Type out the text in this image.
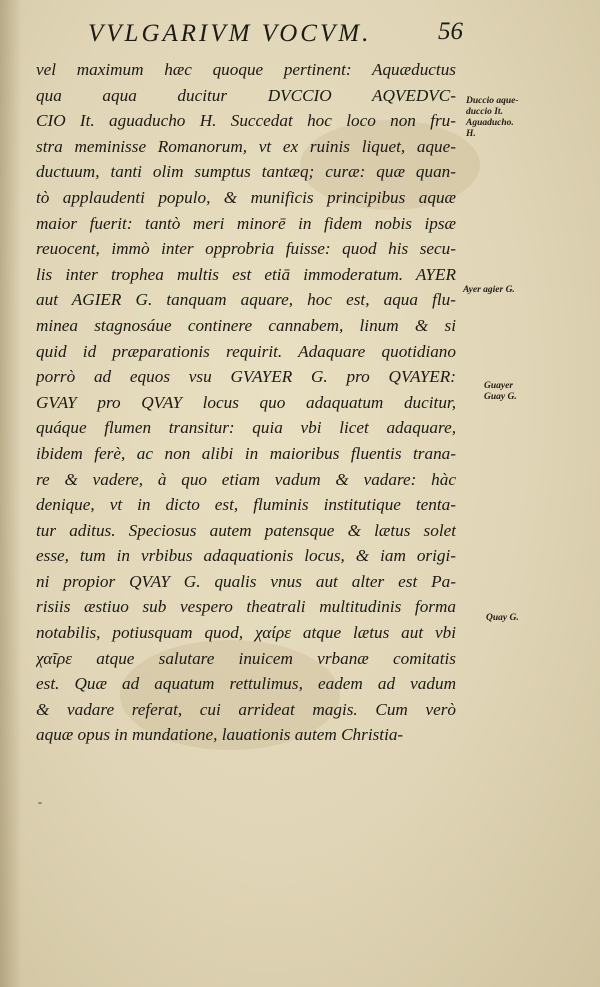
VVLGARIVM VOCVM.	56
vel maximum hæc quoque pertinent: Aquæductus
qua aqua ducitur DVCCIO AQVEDVC-
CIO It. aguaducho H. Succedat hoc loco non fru-
stra meminisse Romanorum, vt ex ruinis liquet, aque-
ductuum, tanti olim sumptus tantæq; curæ: quæ quan-
tò applaudenti populo, & munificis principibus aquæ
maior fuerit: tantò meri minorē in fidem nobis ipsæ
reuocent, immò inter opprobria fuisse: quod his secu-
lis inter trophea multis est etiā immoderatum. AYER
aut AGIER G. tanquam aquare, hoc est, aqua flu-
minea stagnosáue continere cannabem, linum & si
quid id præparationis requirit. Adaquare quotidiano
porrò ad equos vsu GVAYER G. pro QVAYER:
GVAY pro QVAY locus quo adaquatum ducitur,
quáque flumen transitur: quia vbi licet adaquare,
ibidem ferè, ac non alibi in maioribus fluentis trana-
re & vadere, à quo etiam vadum & vadare: hàc
denique, vt in dicto est, fluminis institutique tenta-
tur aditus. Speciosus autem patensque & lætus solet
esse, tum in vrbibus adaquationis locus, & iam origi-
ni propior QVAY G. qualis vnus aut alter est Pa-
risiis æstiuo sub vespero theatrali multitudinis forma
notabilis, potiusquam quod, χαίρε atque lætus aut vbi
χαῖρε atque salutare inuicem vrbanæ comitatis
est. Quæ ad aquatum rettulimus, eadem ad vadum
& vadare referat, cui arrideat magis. Cum verò
aquæ opus in mundatione, lauationis autem Christia-
Duccio aque-
duccio It.
Aguaducho.
H.
Ayer agier G.
Guayer
Guay G.
Quay G.
-
